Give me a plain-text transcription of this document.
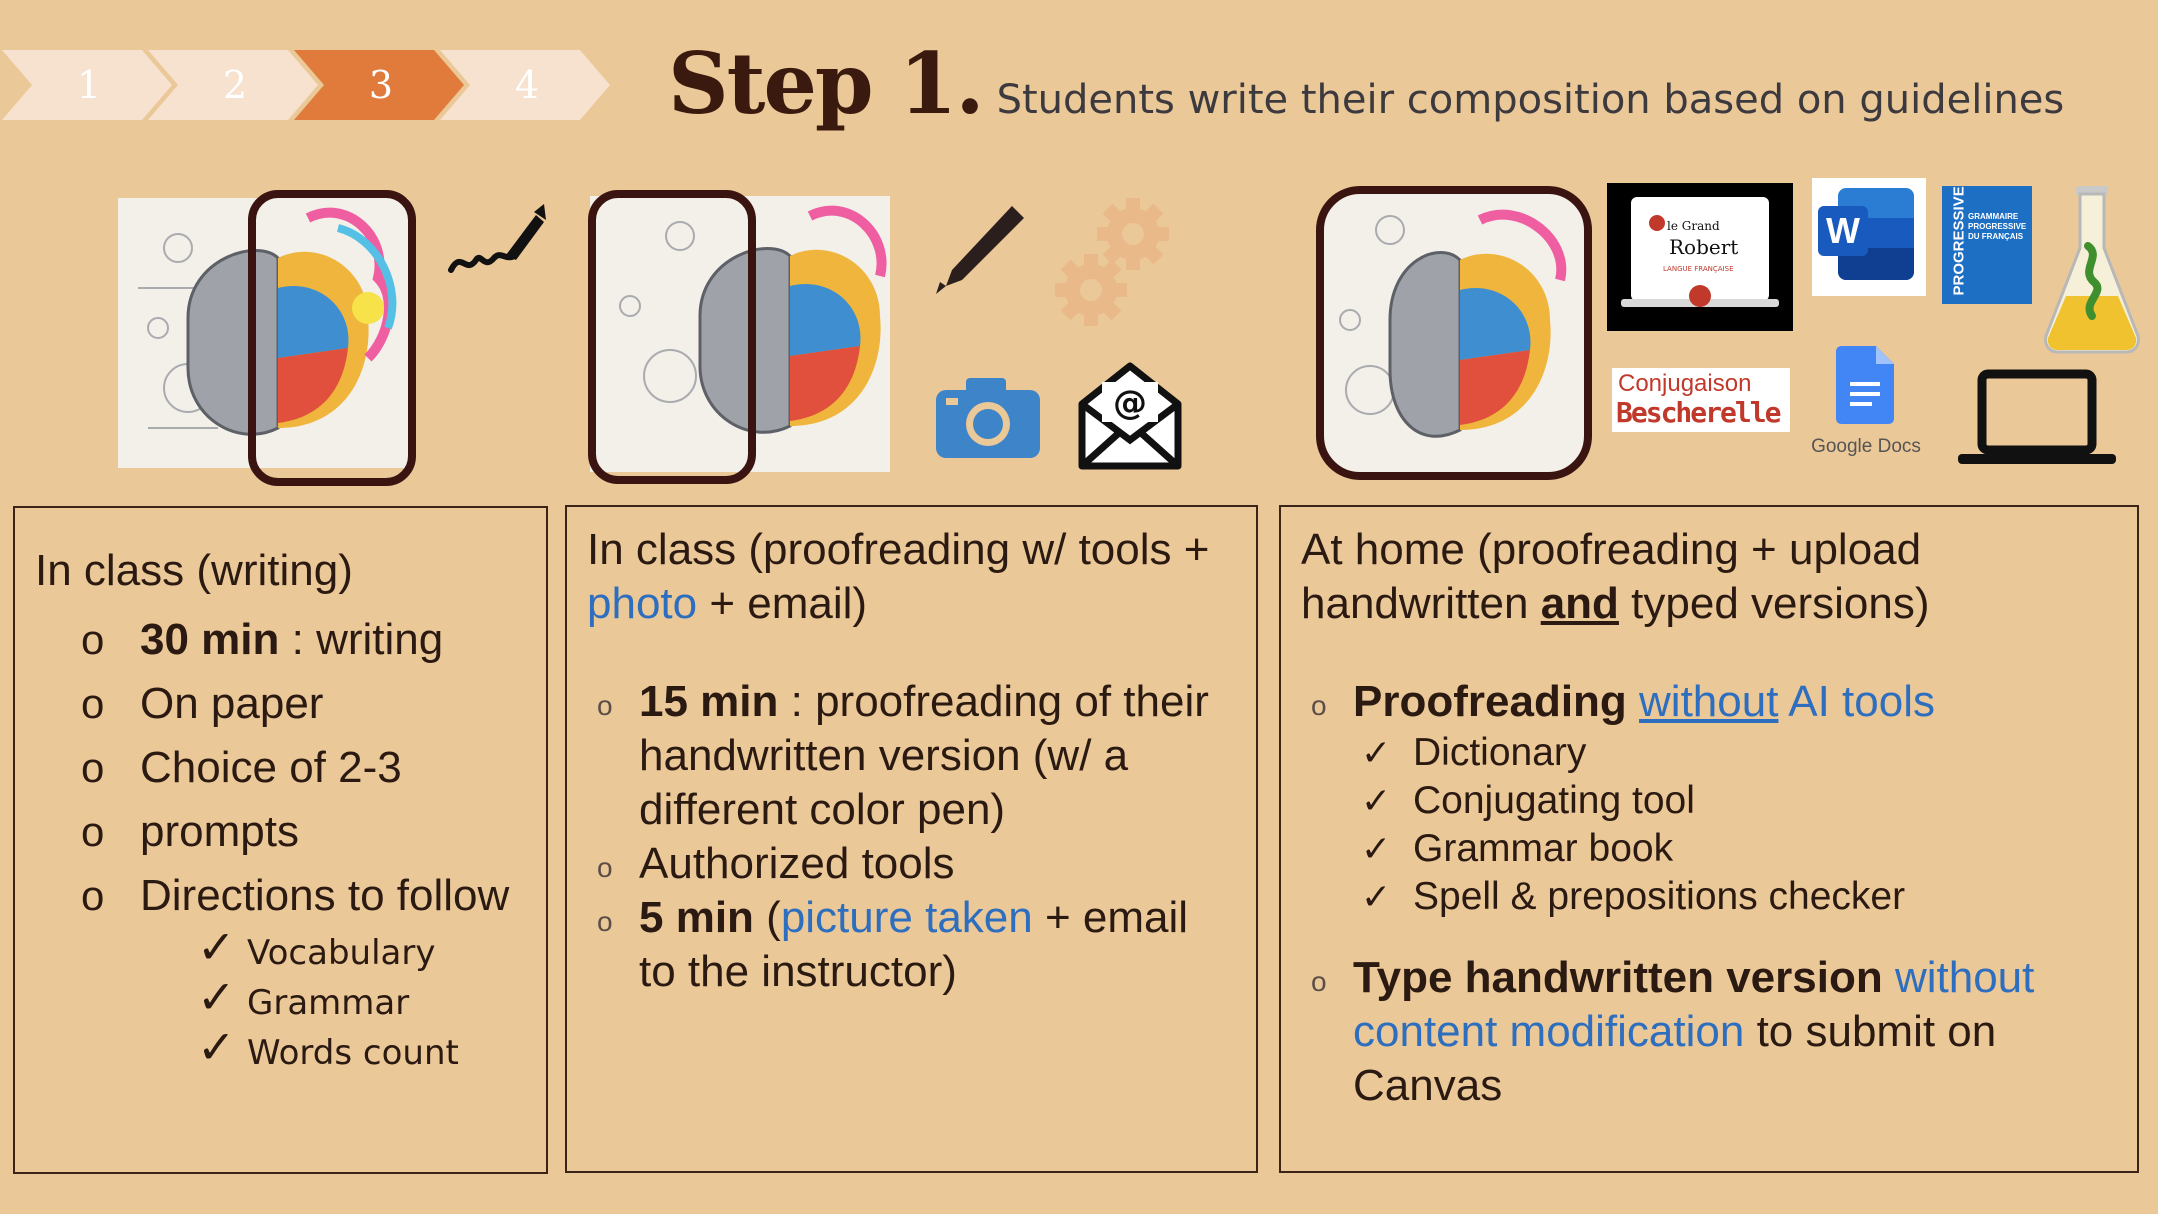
1	2	3	4 Step 1. Students write their composition based on guidelines
@
le Grand
Robert
LANGUE FRANÇAISE
W	PROGRESSIVE GRAMMAIRE
PROGRESSIVE
DU FRANÇAIS
Conjugaison
Bescherelle
Google Docs
In class (writing)
o 30 min : writing
o On paper
o Choice of 2-3
o prompts
o Directions to follow
✓ Vocabulary
✓ Grammar
✓ Words count
In class (proofreading w/ tools +
photo + email)
o 15 min : proofreading of their handwritten version (w/ a different color pen)
o Authorized tools
o 5 min (picture taken + email to the instructor)
At home (proofreading + upload handwritten and typed versions)
o Proofreading without AI tools
✓ Dictionary
✓ Conjugating tool
✓ Grammar book
✓ Spell & prepositions checker
o Type handwritten version without content modification to submit on Canvas
